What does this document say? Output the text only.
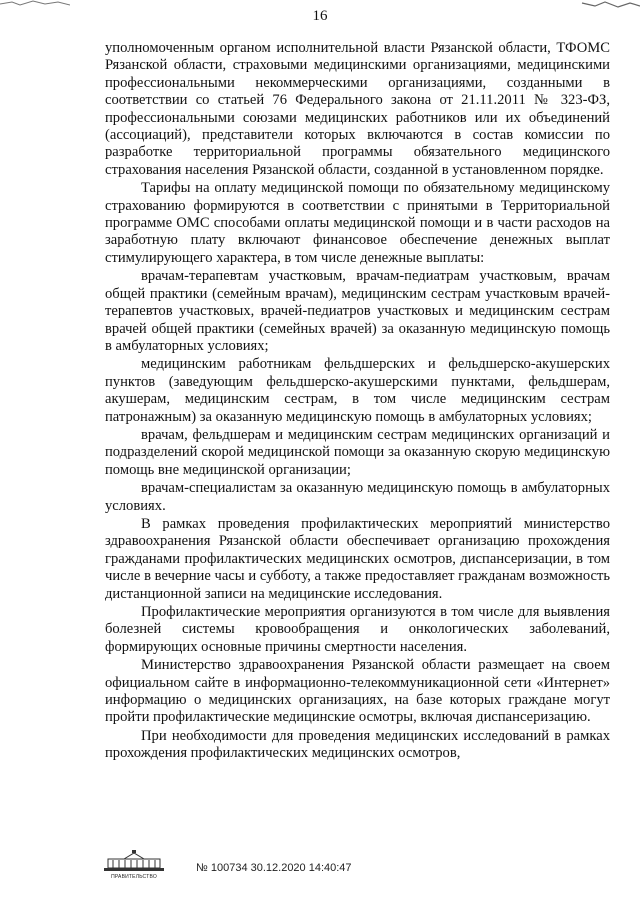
16

уполномоченным органом исполнительной власти Рязанской области, ТФОМС Рязанской области, страховыми медицинскими организациями, медицинскими профессиональными некоммерческими организациями, созданными в соответствии со статьей 76 Федерального закона от 21.11.2011 № 323-ФЗ, профессиональными союзами медицинских работников или их объединений (ассоциаций), представители которых включаются в состав комиссии по разработке территориальной программы обязательного медицинского страхования населения Рязанской области, созданной в установленном порядке.

Тарифы на оплату медицинской помощи по обязательному медицинскому страхованию формируются в соответствии с принятыми в Территориальной программе ОМС способами оплаты медицинской помощи и в части расходов на заработную плату включают финансовое обеспечение денежных выплат стимулирующего характера, в том числе денежные выплаты:

врачам-терапевтам участковым, врачам-педиатрам участковым, врачам общей практики (семейным врачам), медицинским сестрам участковым врачей-терапевтов участковых, врачей-педиатров участковых и медицинским сестрам врачей общей практики (семейных врачей) за оказанную медицинскую помощь в амбулаторных условиях;

медицинским работникам фельдшерских и фельдшерско-акушерских пунктов (заведующим фельдшерско-акушерскими пунктами, фельдшерам, акушерам, медицинским сестрам, в том числе медицинским сестрам патронажным) за оказанную медицинскую помощь в амбулаторных условиях;

врачам, фельдшерам и медицинским сестрам медицинских организаций и подразделений скорой медицинской помощи за оказанную скорую медицинскую помощь вне медицинской организации;

врачам-специалистам за оказанную медицинскую помощь в амбулаторных условиях.

В рамках проведения профилактических мероприятий министерство здравоохранения Рязанской области обеспечивает организацию прохождения гражданами профилактических медицинских осмотров, диспансеризации, в том числе в вечерние часы и субботу, а также предоставляет гражданам возможность дистанционной записи на медицинские исследования.

Профилактические мероприятия организуются в том числе для выявления болезней системы кровообращения и онкологических заболеваний, формирующих основные причины смертности населения.

Министерство здравоохранения Рязанской области размещает на своем официальном сайте в информационно-телекоммуникационной сети «Интернет» информацию о медицинских организациях, на базе которых граждане могут пройти профилактические медицинские осмотры, включая диспансеризацию.

При необходимости для проведения медицинских исследований в рамках прохождения профилактических медицинских осмотров,

ПРАВИТЕЛЬСТВО
№ 100734 30.12.2020 14:40:47
